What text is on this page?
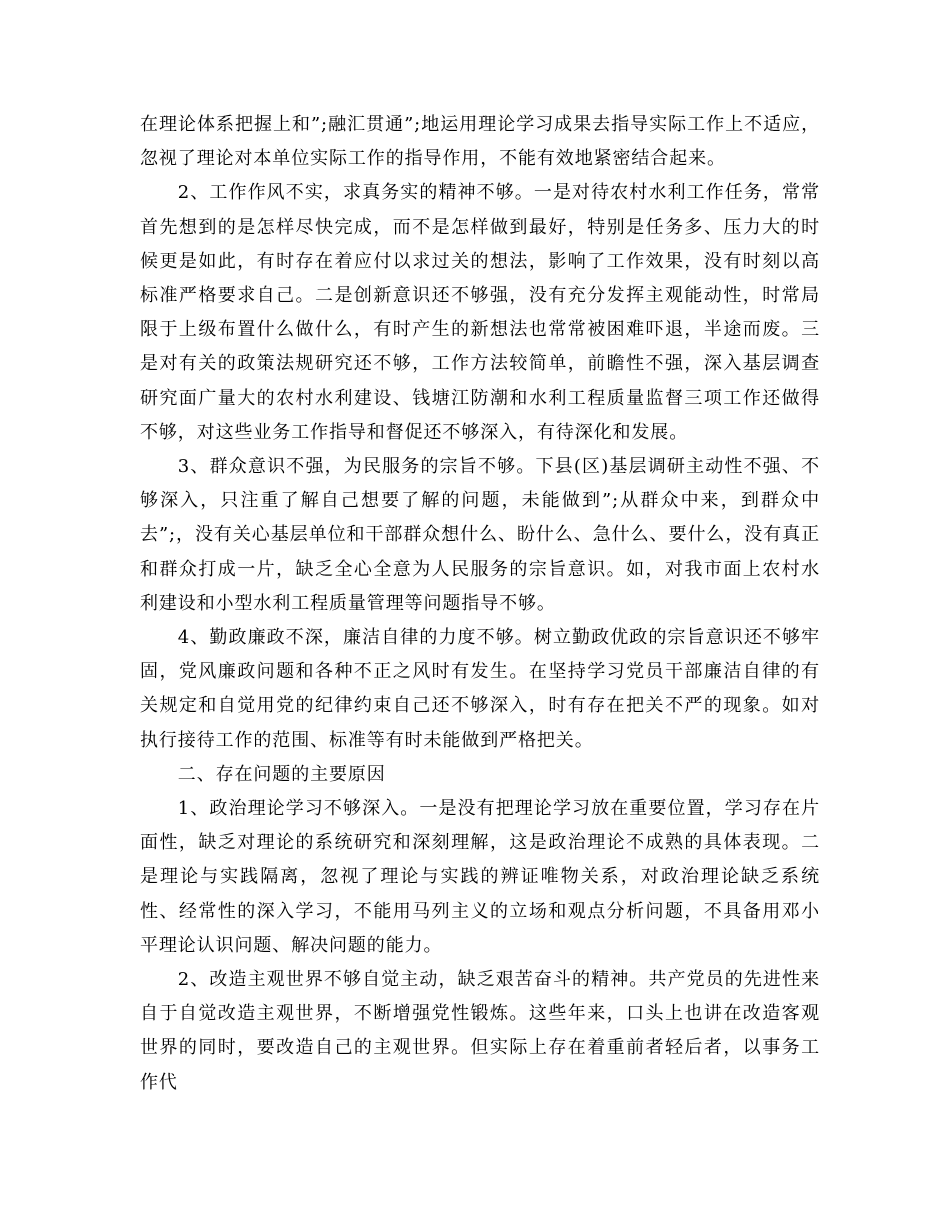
在理论体系把握上和”;融汇贯通”;地运用理论学习成果去指导实际工作上不适应，忽视了理论对本单位实际工作的指导作用，不能有效地紧密结合起来。

2、工作作风不实，求真务实的精神不够。一是对待农村水利工作任务，常常首先想到的是怎样尽快完成，而不是怎样做到最好，特别是任务多、压力大的时候更是如此，有时存在着应付以求过关的想法，影响了工作效果，没有时刻以高标准严格要求自己。二是创新意识还不够强，没有充分发挥主观能动性，时常局限于上级布置什么做什么，有时产生的新想法也常常被困难吓退，半途而废。三是对有关的政策法规研究还不够，工作方法较简单，前瞻性不强，深入基层调查研究面广量大的农村水利建设、钱塘江防潮和水利工程质量监督三项工作还做得不够，对这些业务工作指导和督促还不够深入，有待深化和发展。

3、群众意识不强，为民服务的宗旨不够。下县(区)基层调研主动性不强、不够深入，只注重了解自己想要了解的问题，未能做到”;从群众中来，到群众中去”;，没有关心基层单位和干部群众想什么、盼什么、急什么、要什么，没有真正和群众打成一片，缺乏全心全意为人民服务的宗旨意识。如，对我市面上农村水利建设和小型水利工程质量管理等问题指导不够。

4、勤政廉政不深，廉洁自律的力度不够。树立勤政优政的宗旨意识还不够牢固，党风廉政问题和各种不正之风时有发生。在坚持学习党员干部廉洁自律的有关规定和自觉用党的纪律约束自己还不够深入，时有存在把关不严的现象。如对执行接待工作的范围、标准等有时未能做到严格把关。

二、存在问题的主要原因

1、政治理论学习不够深入。一是没有把理论学习放在重要位置，学习存在片面性，缺乏对理论的系统研究和深刻理解，这是政治理论不成熟的具体表现。二是理论与实践隔离，忽视了理论与实践的辨证唯物关系，对政治理论缺乏系统性、经常性的深入学习，不能用马列主义的立场和观点分析问题，不具备用邓小平理论认识问题、解决问题的能力。

2、改造主观世界不够自觉主动，缺乏艰苦奋斗的精神。共产党员的先进性来自于自觉改造主观世界，不断增强党性锻炼。这些年来，口头上也讲在改造客观世界的同时，要改造自己的主观世界。但实际上存在着重前者轻后者，以事务工作代
